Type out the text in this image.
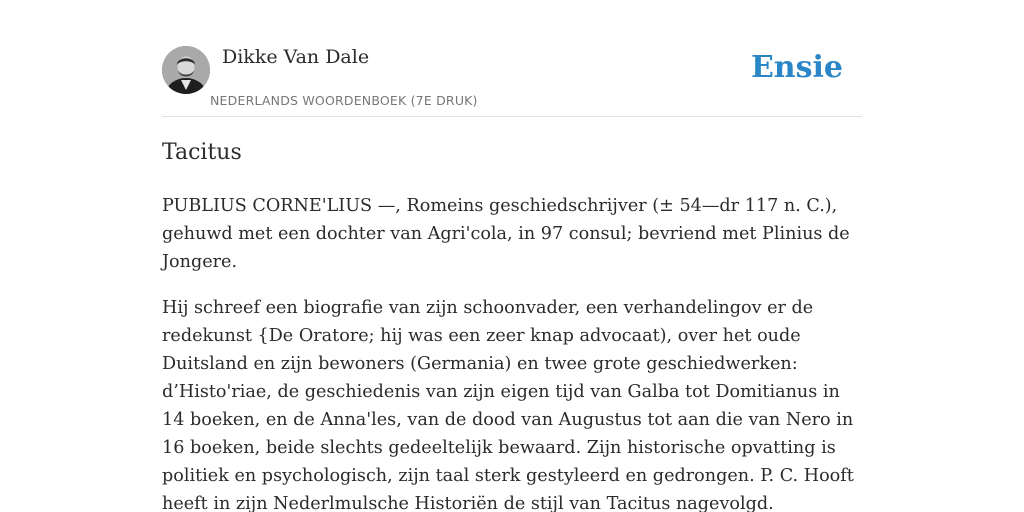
Dikke Van Dale
NEDERLANDS WOORDENBOEK (7E DRUK)
Ensie
Tacitus

PUBLIUS CORNE'LIUS —, Romeins geschiedschrijver (± 54—dr 117 n. C.), gehuwd met een dochter van Agri'cola, in 97 consul; bevriend met Plinius de Jongere.

Hij schreef een biografie van zijn schoonvader, een verhandelingov er de redekunst {De Oratore; hij was een zeer knap advocaat), over het oude Duitsland en zijn bewoners (Germania) en twee grote geschiedwerken: d’Histo'riae, de geschiedenis van zijn eigen tijd van Galba tot Domitianus in 14 boeken, en de Anna'les, van de dood van Augustus tot aan die van Nero in 16 boeken, beide slechts gedeeltelijk bewaard. Zijn historische opvatting is politiek en psychologisch, zijn taal sterk gestyleerd en gedrongen. P. C. Hooft heeft in zijn Nederlmulsche Historiën de stijl van Tacitus nagevolgd.
